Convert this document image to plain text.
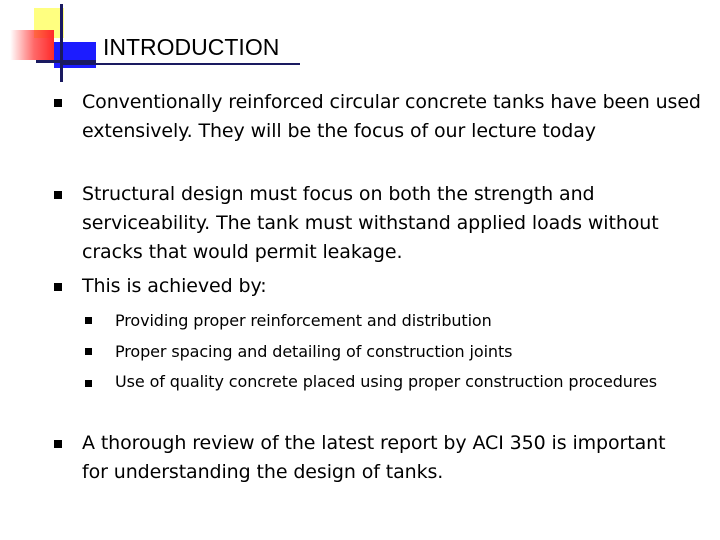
INTRODUCTION
Conventionally reinforced circular concrete tanks have been used extensively. They will be the focus of our lecture today
Structural design must focus on both the strength and serviceability. The tank must withstand applied loads without cracks that would permit leakage.
This is achieved by:
Providing proper reinforcement and distribution
Proper spacing and detailing of construction joints
Use of quality concrete placed using proper construction procedures
A thorough review of the latest report by ACI 350 is important for understanding the design of tanks.
